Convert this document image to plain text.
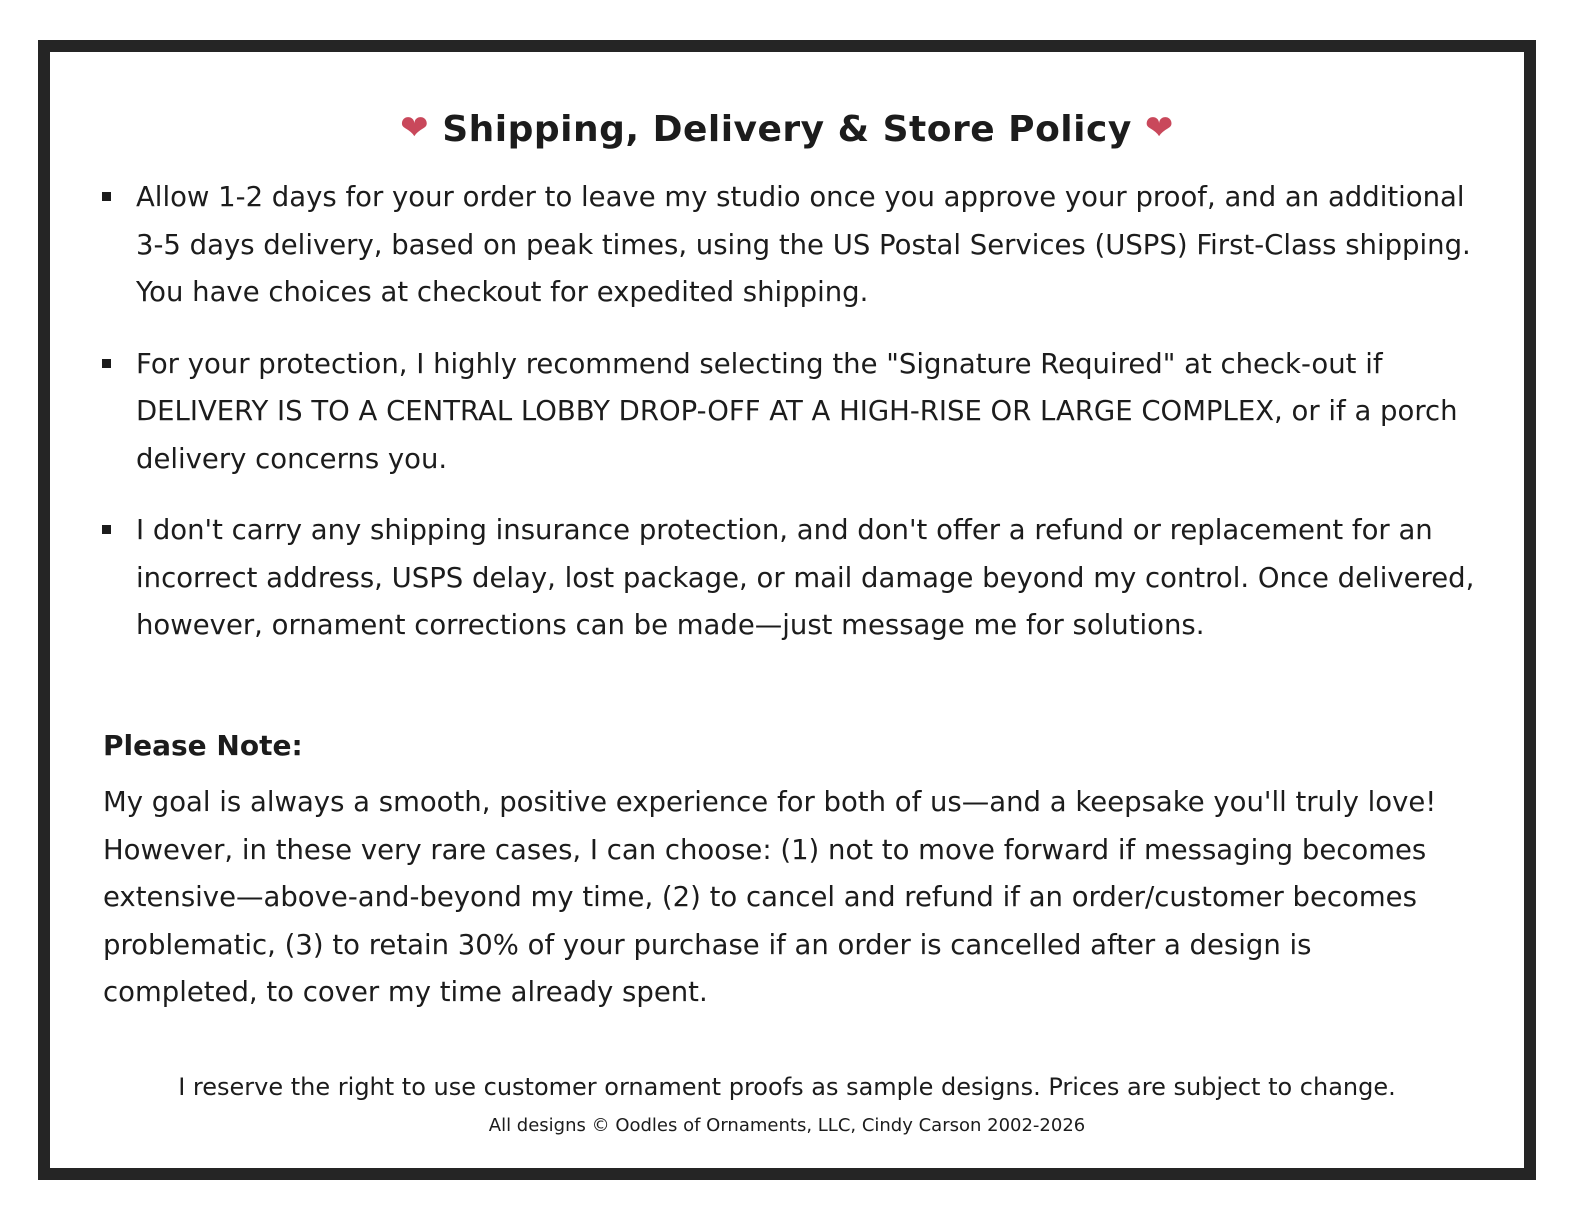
❤ Shipping, Delivery & Store Policy ❤
Allow 1-2 days for your order to leave my studio once you approve your proof, and an additional 3-5 days delivery, based on peak times, using the US Postal Services (USPS) First-Class shipping. You have choices at checkout for expedited shipping.
For your protection, I highly recommend selecting the "Signature Required" at check-out if DELIVERY IS TO A CENTRAL LOBBY DROP-OFF AT A HIGH-RISE OR LARGE COMPLEX, or if a porch delivery concerns you.
I don't carry any shipping insurance protection, and don't offer a refund or replacement for an incorrect address, USPS delay, lost package, or mail damage beyond my control. Once delivered, however, ornament corrections can be made—just message me for solutions.
Please Note:
My goal is always a smooth, positive experience for both of us—and a keepsake you'll truly love! However, in these very rare cases, I can choose: (1) not to move forward if messaging becomes extensive—above-and-beyond my time, (2) to cancel and refund if an order/customer becomes problematic, (3) to retain 30% of your purchase if an order is cancelled after a design is completed, to cover my time already spent.
I reserve the right to use customer ornament proofs as sample designs. Prices are subject to change.
All designs © Oodles of Ornaments, LLC, Cindy Carson 2002-2026
